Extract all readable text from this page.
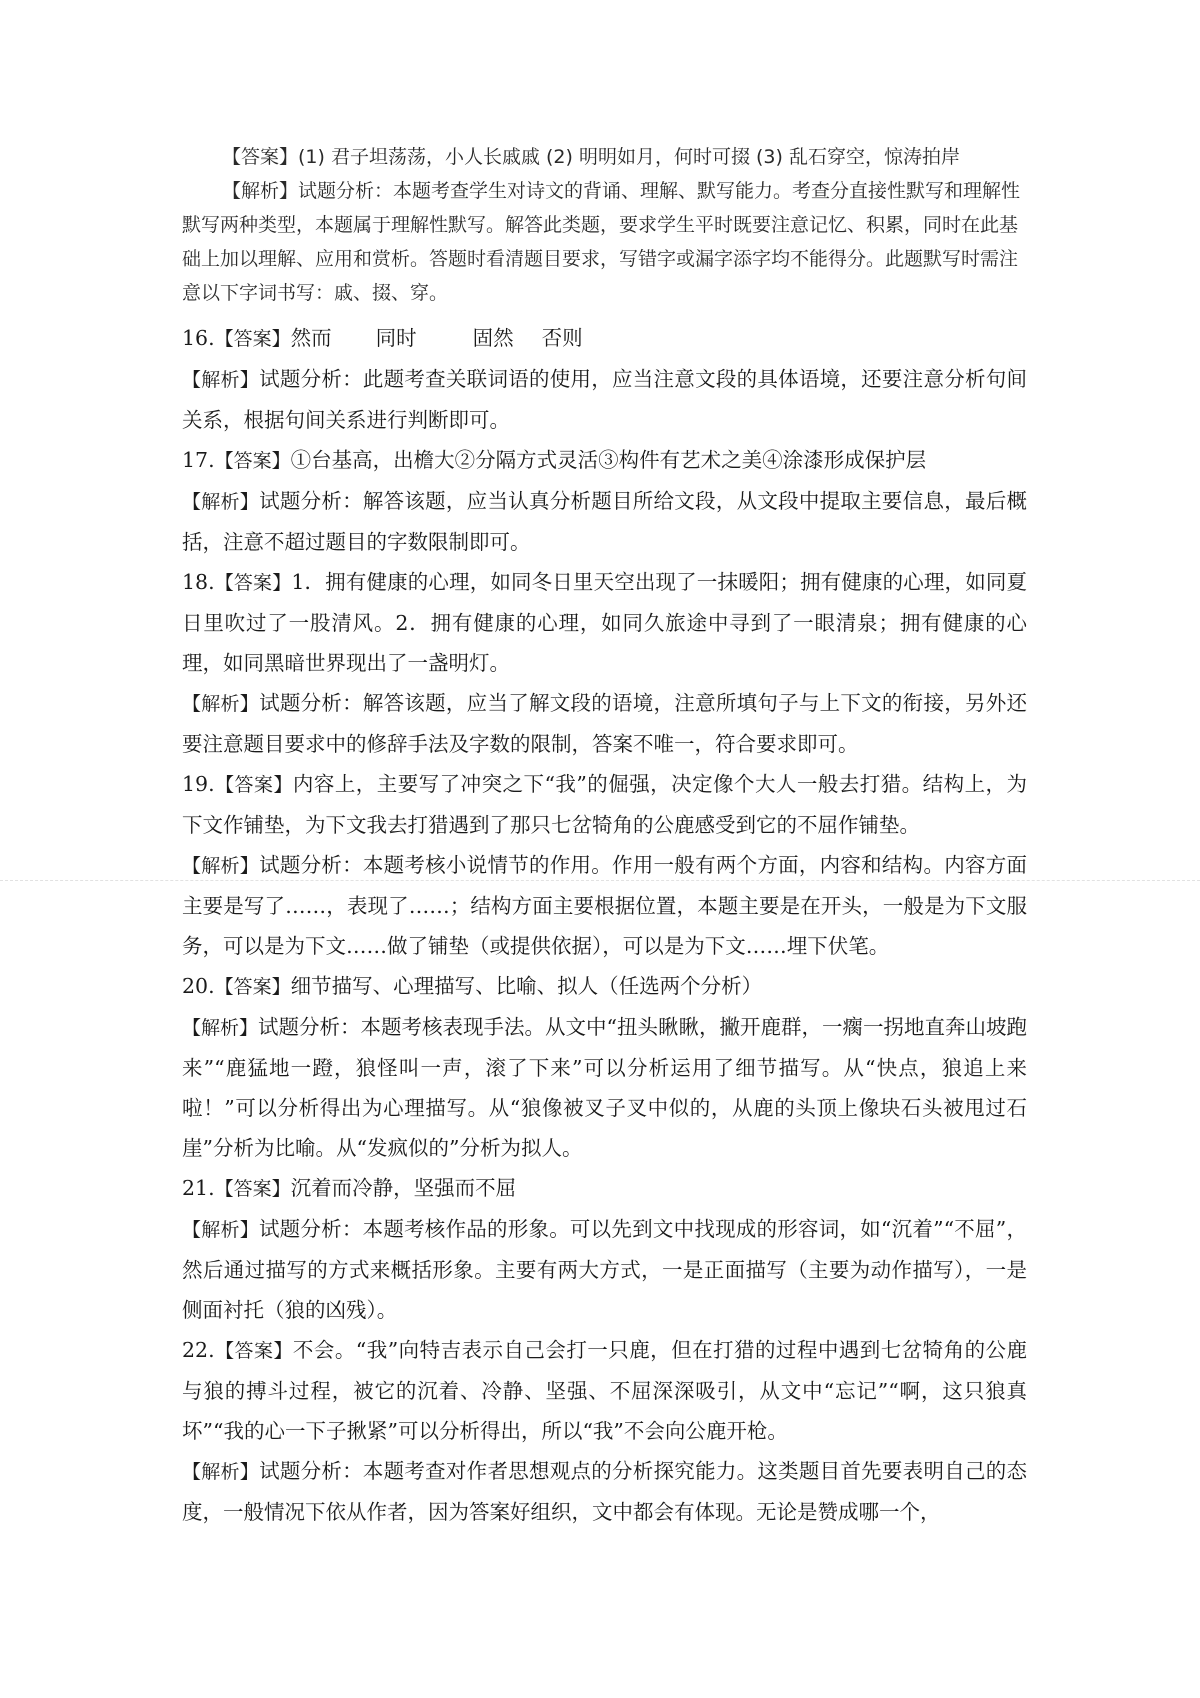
【答案】(1) 君子坦荡荡，小人长戚戚 (2) 明明如月，何时可掇 (3) 乱石穿空，惊涛拍岸

【解析】试题分析：本题考查学生对诗文的背诵、理解、默写能力。考查分直接性默写和理解性默写两种类型，本题属于理解性默写。解答此类题，要求学生平时既要注意记忆、积累，同时在此基础上加以理解、应用和赏析。答题时看清题目要求，写错字或漏字添字均不能得分。此题默写时需注意以下字词书写：戚、掇、穿。

16.【答案】然而 同时	固然 否则

【解析】试题分析：此题考查关联词语的使用，应当注意文段的具体语境，还要注意分析句间关系，根据句间关系进行判断即可。

17.【答案】①台基高，出檐大②分隔方式灵活③构件有艺术之美④涂漆形成保护层

【解析】试题分析：解答该题，应当认真分析题目所给文段，从文段中提取主要信息，最后概括，注意不超过题目的字数限制即可。

18.【答案】1．拥有健康的心理，如同冬日里天空出现了一抹暖阳；拥有健康的心理，如同夏日里吹过了一股清风。2．拥有健康的心理，如同久旅途中寻到了一眼清泉；拥有健康的心理，如同黑暗世界现出了一盏明灯。

【解析】试题分析：解答该题，应当了解文段的语境，注意所填句子与上下文的衔接，另外还要注意题目要求中的修辞手法及字数的限制，答案不唯一，符合要求即可。

19.【答案】内容上，主要写了冲突之下“我”的倔强，决定像个大人一般去打猎。结构上，为下文作铺垫，为下文我去打猎遇到了那只七岔犄角的公鹿感受到它的不屈作铺垫。

【解析】试题分析：本题考核小说情节的作用。作用一般有两个方面，内容和结构。内容方面主要是写了……，表现了……；结构方面主要根据位置，本题主要是在开头，一般是为下文服务，可以是为下文……做了铺垫（或提供依据），可以是为下文……埋下伏笔。

20.【答案】细节描写、心理描写、比喻、拟人（任选两个分析）

【解析】试题分析：本题考核表现手法。从文中“扭头瞅瞅，撇开鹿群，一瘸一拐地直奔山坡跑来”“鹿猛地一蹬，狼怪叫一声，滚了下来”可以分析运用了细节描写。从“快点，狼追上来啦！”可以分析得出为心理描写。从“狼像被叉子叉中似的，从鹿的头顶上像块石头被甩过石崖”分析为比喻。从“发疯似的”分析为拟人。

21.【答案】沉着而冷静，坚强而不屈

【解析】试题分析：本题考核作品的形象。可以先到文中找现成的形容词，如“沉着”“不屈”，然后通过描写的方式来概括形象。主要有两大方式，一是正面描写（主要为动作描写），一是侧面衬托（狼的凶残）。

22.【答案】不会。“我”向特吉表示自己会打一只鹿，但在打猎的过程中遇到七岔犄角的公鹿与狼的搏斗过程，被它的沉着、冷静、坚强、不屈深深吸引，从文中“忘记”“啊，这只狼真坏”“我的心一下子揪紧”可以分析得出，所以“我”不会向公鹿开枪。

【解析】试题分析：本题考查对作者思想观点的分析探究能力。这类题目首先要表明自己的态度，一般情况下依从作者，因为答案好组织，文中都会有体现。无论是赞成哪一个，
